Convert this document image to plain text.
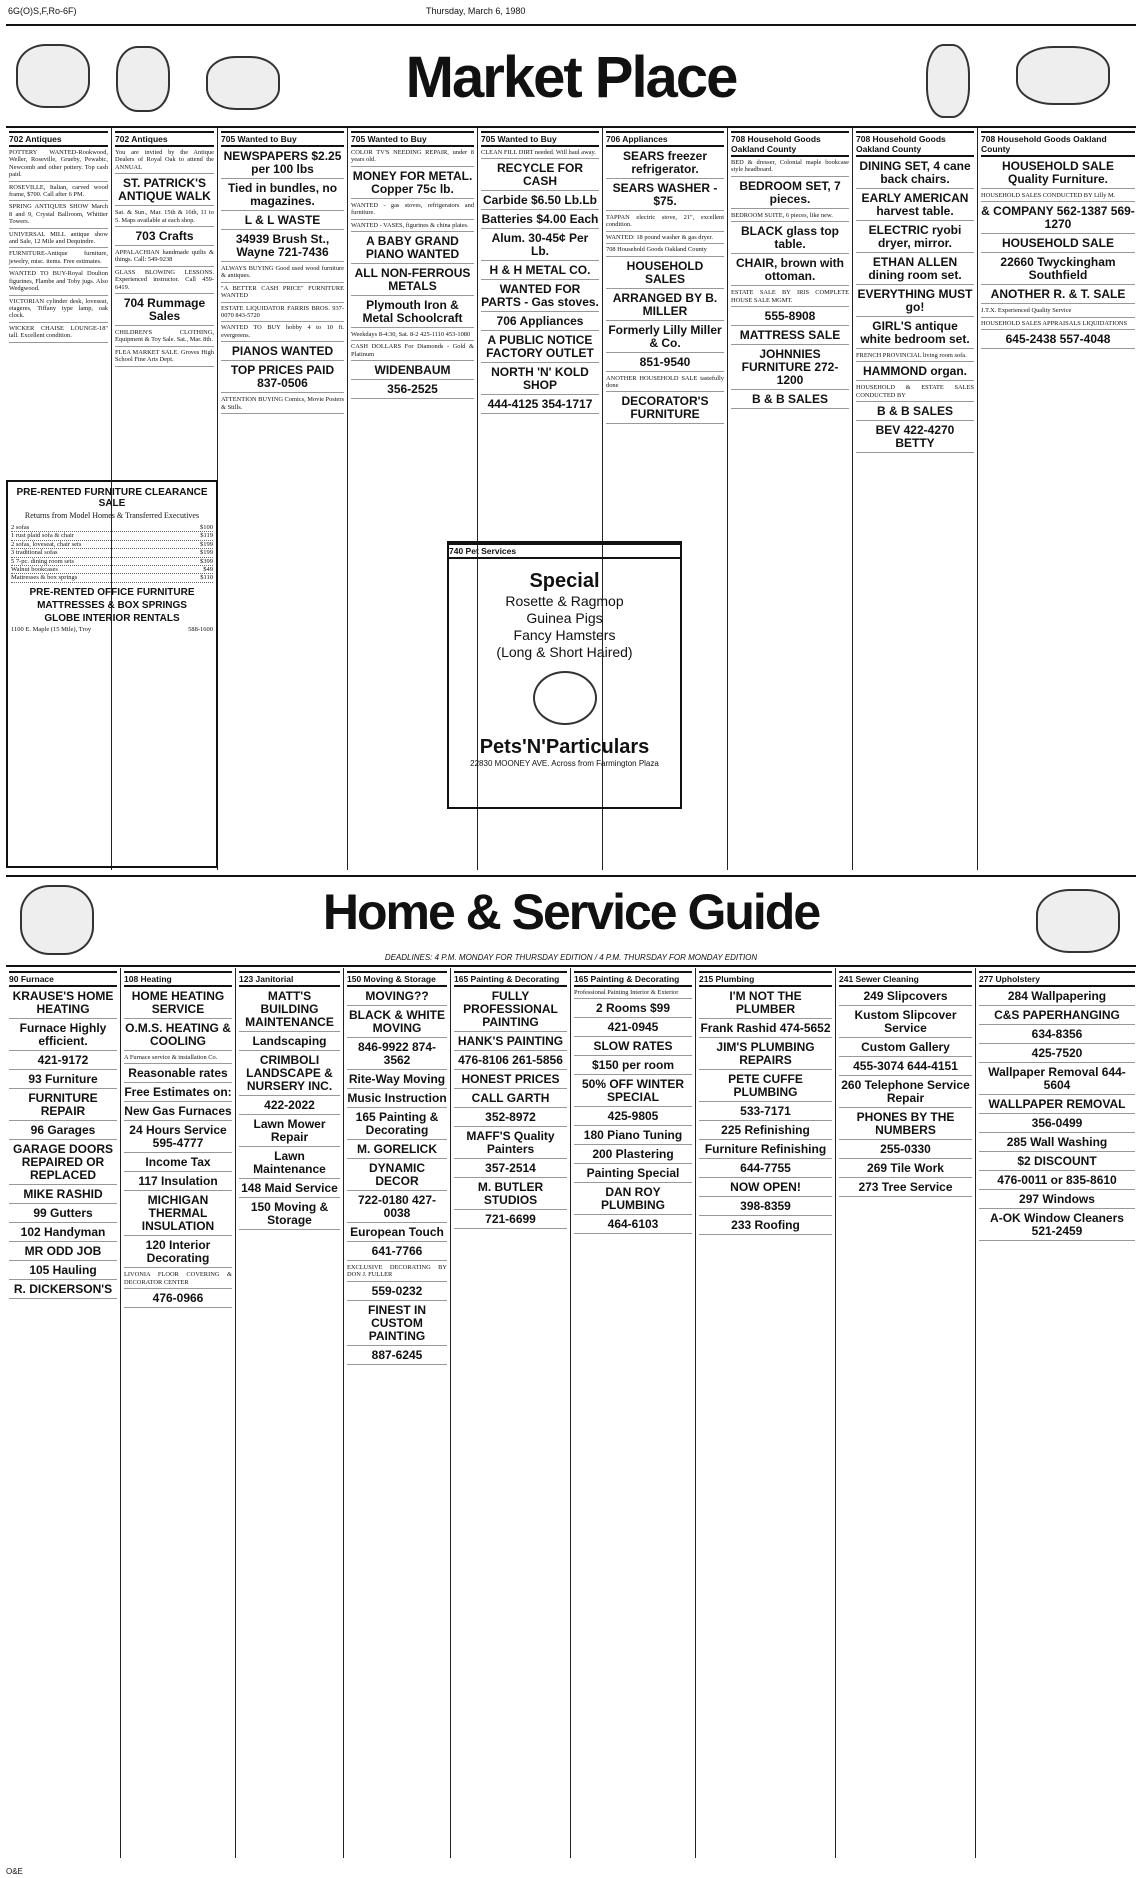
6G(O)S,F,Ro-6F)	Thursday, March 6, 1980
Market Place
702 Antiques
POTTERY WANTED-Rookwood, Weller, Roseville, Grueby, Pewabic, Newcomb and other pottery. Top cash paid.
ROSEVILLE, Italian, carved wood frame, $700. Call after 6 PM.
SPRING ANTIQUES SHOW March 8 and 9, Crystal Ballroom, Whittier Towers.
UNIVERSAL MILL antique show and Sale, 12 Mile and Dequindre.
FURNITURE-Antique furniture, jewelry, misc. items. Free estimates.
WANTED TO BUY-Royal Doulton figurines, Flambe and Toby jugs. Also Wedgwood.
VICTORIAN cylinder desk, loveseat, etageres, Tiffany type lamp, oak clock.
WICKER CHAISE LOUNGE-18" tall. Excellent condition.
702 Antiques
You are invited by the Antique Dealers of Royal Oak to attend the ANNUAL
ST. PATRICK'S ANTIQUE WALK
Sat. & Sun., Mar. 15th & 16th, 11 to 5. Maps available at each shop.
703 Crafts
APPALACHIAN handmade quilts & things. Call: 549-9238
GLASS BLOWING LESSONS. Experienced instructor. Call 459-6419.
704 Rummage Sales
CHILDREN'S CLOTHING, Equipment & Toy Sale. Sat., Mar. 8th.
FLEA MARKET SALE. Groves High School Fine Arts Dept.
705 Wanted to Buy
NEWSPAPERS $2.25 per 100 lbs
Tied in bundles, no magazines.
L & L WASTE
34939 Brush St., Wayne 721-7436
ALWAYS BUYING Good used wood furniture & antiques.
"A BETTER CASH PRICE" FURNITURE WANTED
ESTATE LIQUIDATOR FARRIS BROS. 937-0070 843-5720
WANTED TO BUY hobby 4 to 10 ft. evergreens.
PIANOS WANTED
TOP PRICES PAID 837-0506
ATTENTION BUYING Comics, Movie Posters & Stills.
705 Wanted to Buy
COLOR TV'S NEEDING REPAIR, under 8 years old.
MONEY FOR METAL. Copper 75c lb.
WANTED - gas stoves, refrigerators and furniture.
WANTED - VASES, figurines & china plates.
A BABY GRAND PIANO WANTED
ALL NON-FERROUS METALS
Plymouth Iron & Metal Schoolcraft
Weekdays 8-4:30, Sat. 8-2 425-1110 453-1080
CASH DOLLARS For Diamonds - Gold & Platinum
WIDENBAUM
356-2525
705 Wanted to Buy
CLEAN FILL DIRT needed. Will haul away.
RECYCLE FOR CASH
Carbide $6.50 Lb.Lb
Batteries $4.00 Each
Alum. 30-45¢ Per Lb.
H & H METAL CO.
WANTED FOR PARTS - Gas stoves.
706 Appliances
A PUBLIC NOTICE FACTORY OUTLET
NORTH 'N' KOLD SHOP
444-4125 354-1717
706 Appliances
SEARS freezer refrigerator.
SEARS WASHER - $75.
TAPPAN electric stove, 21", excellent condition.
WANTED: 18 pound washer & gas dryer.
708 Household Goods Oakland County
HOUSEHOLD SALES
ARRANGED BY B. MILLER
Formerly Lilly Miller & Co.
851-9540
ANOTHER HOUSEHOLD SALE tastefully done
DECORATOR'S FURNITURE
708 Household Goods Oakland County
BED & dresser, Colonial maple bookcase style headboard.
BEDROOM SET, 7 pieces.
BEDROOM SUITE, 6 pieces, like new.
BLACK glass top table.
CHAIR, brown with ottoman.
ESTATE SALE BY IRIS COMPLETE HOUSE SALE MGMT.
555-8908
MATTRESS SALE
JOHNNIES FURNITURE 272-1200
B & B SALES
708 Household Goods Oakland County
DINING SET, 4 cane back chairs.
EARLY AMERICAN harvest table.
ELECTRIC ryobi dryer, mirror.
ETHAN ALLEN dining room set.
EVERYTHING MUST go!
GIRL'S antique white bedroom set.
FRENCH PROVINCIAL living room sofa.
HAMMOND organ.
HOUSEHOLD & ESTATE SALES CONDUCTED BY
B & B SALES
BEV 422-4270 BETTY
708 Household Goods Oakland County
HOUSEHOLD SALE Quality Furniture.
HOUSEHOLD SALES CONDUCTED BY Lilly M.
& COMPANY 562-1387 569-1270
HOUSEHOLD SALE
22660 Twyckingham Southfield
ANOTHER R. & T. SALE
J.T.X. Experienced Quality Service
HOUSEHOLD SALES APPRAISALS LIQUIDATIONS
645-2438 557-4048
PRE-RENTED FURNITURE CLEARANCE SALE
Returns from Model Homes & Transferred Executives
2 sofas	$100
1 rust plaid sofa & chair	$119
2 sofas, loveseat, chair sets	$199
3 traditional sofas	$199
5 7-pc. dining room sets	$399
Walnut bookcases	$49
Mattresses & box springs	$110
PRE-RENTED OFFICE FURNITURE
MATTRESSES & BOX SPRINGS
GLOBE INTERIOR RENTALS
1100 E. Maple (15 Mile), Troy	588-1600
740 Pet Services
Special
Rosette & Ragmop
Guinea Pigs
Fancy Hamsters
(Long & Short Haired)
Pets'N'Particulars
22830 MOONEY AVE. Across from Farmington Plaza
Home & Service Guide
DEADLINES: 4 P.M. MONDAY FOR THURSDAY EDITION / 4 P.M. THURSDAY FOR MONDAY EDITION
90 Furnace
KRAUSE'S HOME HEATING
Furnace Highly efficient.
421-9172
93 Furniture
FURNITURE REPAIR
96 Garages
GARAGE DOORS REPAIRED OR REPLACED
MIKE RASHID
99 Gutters
102 Handyman
MR ODD JOB
105 Hauling
R. DICKERSON'S
108 Heating
HOME HEATING SERVICE
O.M.S. HEATING & COOLING
A Furnace service & installation Co.
Reasonable rates
Free Estimates on:
New Gas Furnaces
24 Hours Service 595-4777
Income Tax
117 Insulation
MICHIGAN THERMAL INSULATION
120 Interior Decorating
LIVONIA FLOOR COVERING & DECORATOR CENTER
476-0966
123 Janitorial
MATT'S BUILDING MAINTENANCE
Landscaping
CRIMBOLI LANDSCAPE & NURSERY INC.
422-2022
Lawn Mower Repair
Lawn Maintenance
148 Maid Service
150 Moving & Storage
150 Moving & Storage
MOVING??
BLACK & WHITE MOVING
846-9922 874-3562
Rite-Way Moving
Music Instruction
165 Painting & Decorating
M. GORELICK
DYNAMIC DECOR
722-0180 427-0038
European Touch
641-7766
EXCLUSIVE DECORATING BY DON J. FULLER
559-0232
FINEST IN CUSTOM PAINTING
887-6245
165 Painting & Decorating
FULLY PROFESSIONAL PAINTING
HANK'S PAINTING
476-8106 261-5856
HONEST PRICES
CALL GARTH
352-8972
MAFF'S Quality Painters
357-2514
M. BUTLER STUDIOS
721-6699
165 Painting & Decorating
Professional Painting Interior & Exterior
2 Rooms $99
421-0945
SLOW RATES
$150 per room
50% OFF WINTER SPECIAL
425-9805
180 Piano Tuning
200 Plastering
Painting Special
DAN ROY PLUMBING
464-6103
215 Plumbing
I'M NOT THE PLUMBER
Frank Rashid 474-5652
JIM'S PLUMBING REPAIRS
PETE CUFFE PLUMBING
533-7171
225 Refinishing
Furniture Refinishing
644-7755
NOW OPEN!
398-8359
233 Roofing
241 Sewer Cleaning
249 Slipcovers
Kustom Slipcover Service
Custom Gallery
455-3074 644-4151
260 Telephone Service Repair
PHONES BY THE NUMBERS
255-0330
269 Tile Work
273 Tree Service
277 Upholstery
284 Wallpapering
C&S PAPERHANGING
634-8356
425-7520
Wallpaper Removal 644-5604
WALLPAPER REMOVAL
356-0499
285 Wall Washing
$2 DISCOUNT
476-0011 or 835-8610
297 Windows
A-OK Window Cleaners 521-2459
O&E
